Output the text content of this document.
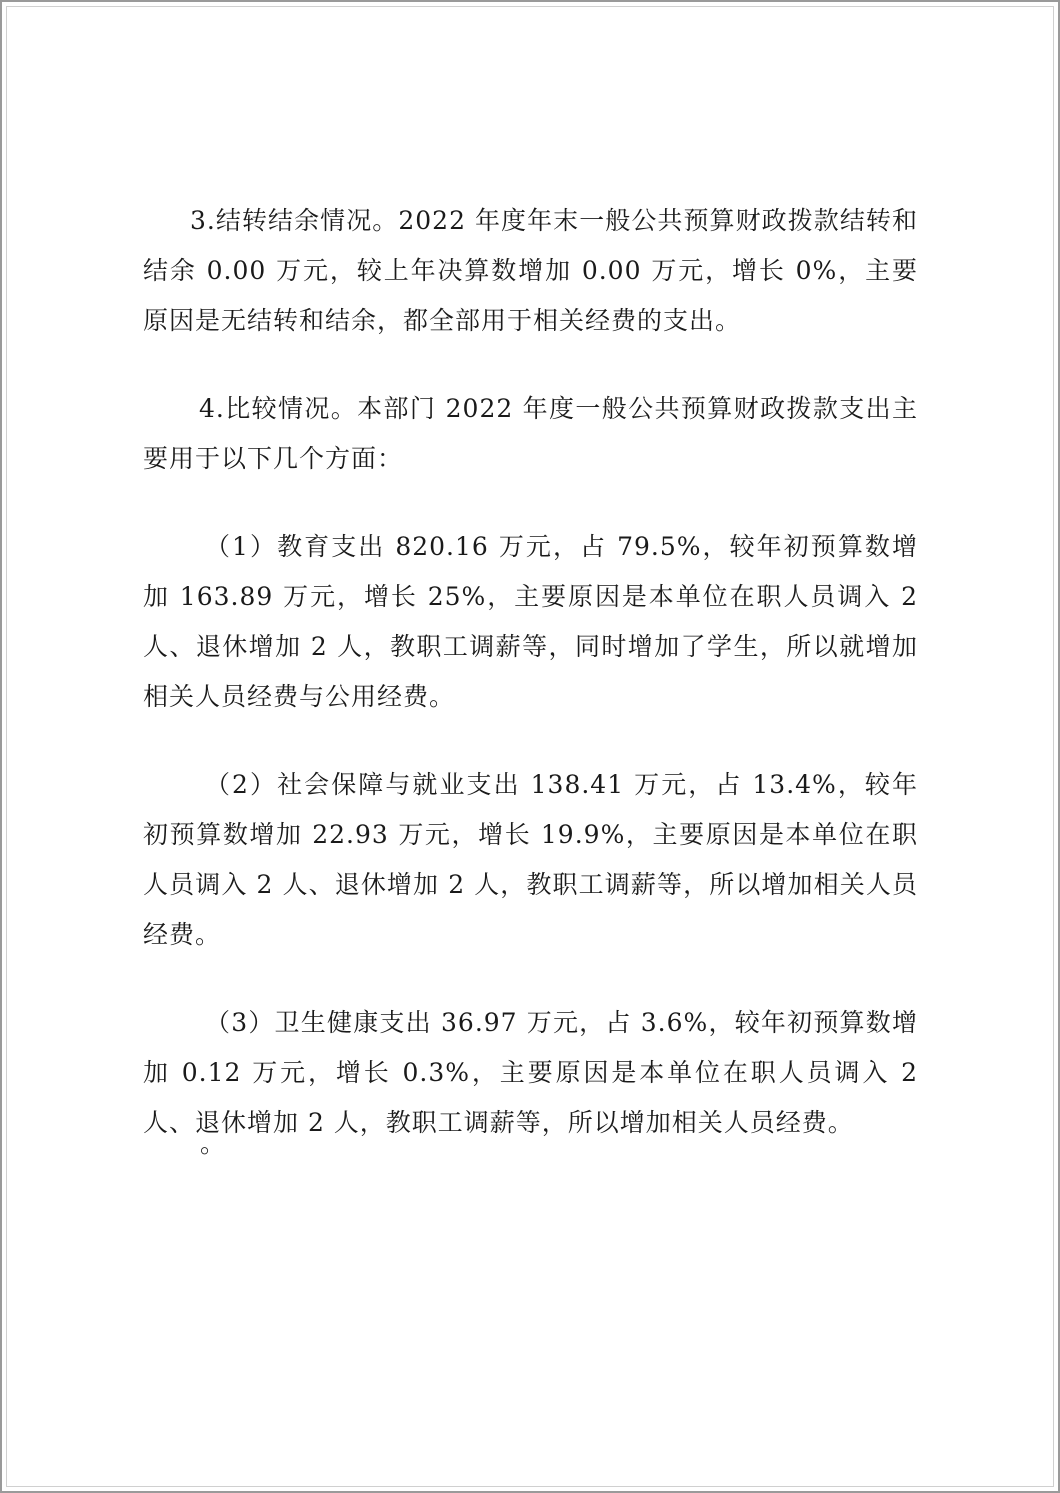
3.结转结余情况。2022 年度年末一般公共预算财政拨款结转和结余 0.00 万元，较上年决算数增加 0.00 万元，增长 0%，主要原因是无结转和结余，都全部用于相关经费的支出。

4.比较情况。本部门 2022 年度一般公共预算财政拨款支出主要用于以下几个方面：

（1）教育支出 820.16 万元，占 79.5%，较年初预算数增加 163.89 万元，增长 25%，主要原因是本单位在职人员调入 2 人、退休增加 2 人，教职工调薪等，同时增加了学生，所以就增加相关人员经费与公用经费。

（2）社会保障与就业支出 138.41 万元，占 13.4%，较年初预算数增加 22.93 万元，增长 19.9%，主要原因是本单位在职人员调入 2 人、退休增加 2 人，教职工调薪等，所以增加相关人员经费。

（3）卫生健康支出 36.97 万元，占 3.6%，较年初预算数增加 0.12 万元，增长 0.3%，主要原因是本单位在职人员调入 2 人、退休增加 2 人，教职工调薪等，所以增加相关人员经费。

。
